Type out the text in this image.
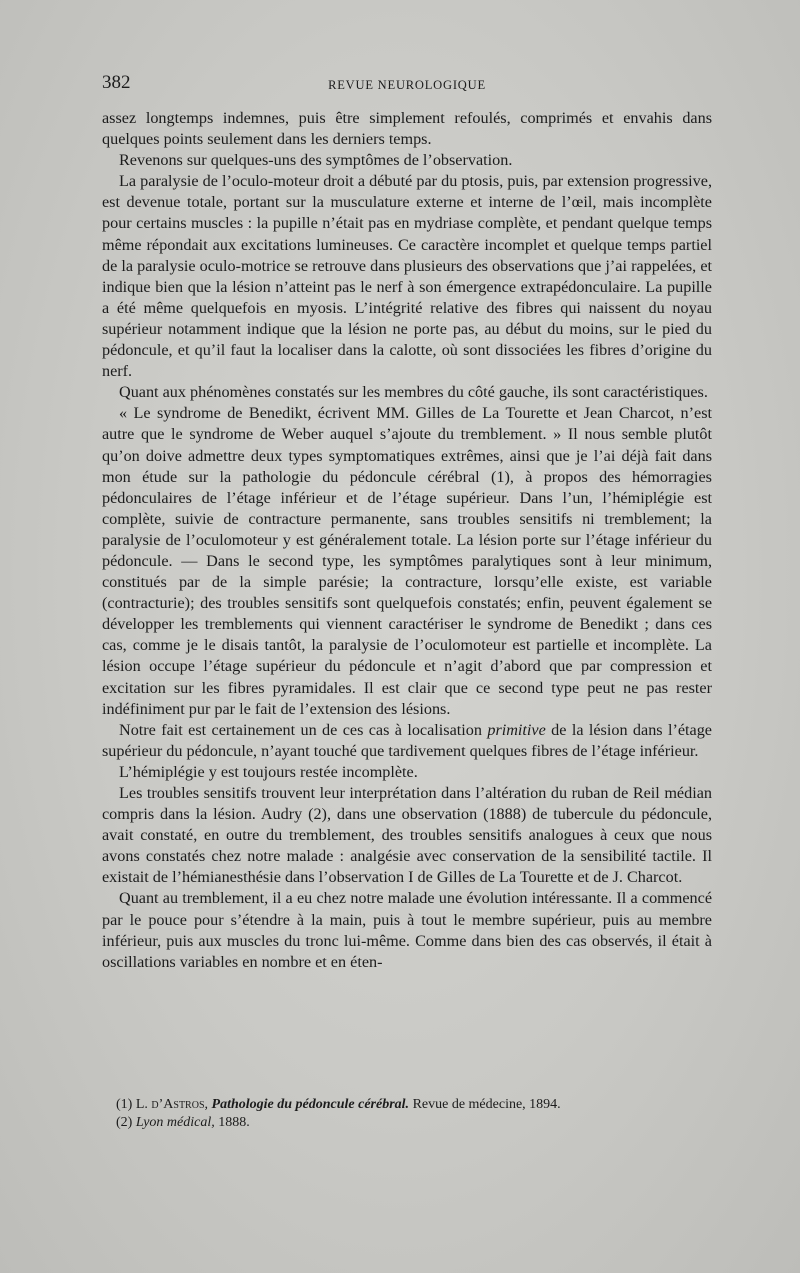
382	REVUE NEUROLOGIQUE

assez longtemps indemnes, puis être simplement refoulés, comprimés et envahis dans quelques points seulement dans les derniers temps.

Revenons sur quelques-uns des symptômes de l’observation.

La paralysie de l’oculo-moteur droit a débuté par du ptosis, puis, par extension progressive, est devenue totale, portant sur la musculature externe et interne de l’œil, mais incomplète pour certains muscles : la pupille n’était pas en mydriase complète, et pendant quelque temps même répondait aux excitations lumineuses. Ce caractère incomplet et quelque temps partiel de la paralysie oculo-motrice se retrouve dans plusieurs des observations que j’ai rappelées, et indique bien que la lésion n’atteint pas le nerf à son émergence extrapédonculaire. La pupille a été même quelquefois en myosis. L’intégrité relative des fibres qui naissent du noyau supérieur notamment indique que la lésion ne porte pas, au début du moins, sur le pied du pédoncule, et qu’il faut la localiser dans la calotte, où sont dissociées les fibres d’origine du nerf.

Quant aux phénomènes constatés sur les membres du côté gauche, ils sont caractéristiques.

« Le syndrome de Benedikt, écrivent MM. Gilles de La Tourette et Jean Charcot, n’est autre que le syndrome de Weber auquel s’ajoute du tremblement. » Il nous semble plutôt qu’on doive admettre deux types symptomatiques extrêmes, ainsi que je l’ai déjà fait dans mon étude sur la pathologie du pédoncule cérébral (1), à propos des hémorragies pédonculaires de l’étage inférieur et de l’étage supérieur. Dans l’un, l’hémiplégie est complète, suivie de contracture permanente, sans troubles sensitifs ni tremblement; la paralysie de l’oculomoteur y est généralement totale. La lésion porte sur l’étage inférieur du pédoncule. — Dans le second type, les symptômes paralytiques sont à leur minimum, constitués par de la simple parésie; la contracture, lorsqu’elle existe, est variable (contracturie); des troubles sensitifs sont quelquefois constatés; enfin, peuvent également se développer les tremblements qui viennent caractériser le syndrome de Benedikt ; dans ces cas, comme je le disais tantôt, la paralysie de l’oculomoteur est partielle et incomplète. La lésion occupe l’étage supérieur du pédoncule et n’agit d’abord que par compression et excitation sur les fibres pyramidales. Il est clair que ce second type peut ne pas rester indéfiniment pur par le fait de l’extension des lésions.

Notre fait est certainement un de ces cas à localisation primitive de la lésion dans l’étage supérieur du pédoncule, n’ayant touché que tardivement quelques fibres de l’étage inférieur.

L’hémiplégie y est toujours restée incomplète.

Les troubles sensitifs trouvent leur interprétation dans l’altération du ruban de Reil médian compris dans la lésion. Audry (2), dans une observation (1888) de tubercule du pédoncule, avait constaté, en outre du tremblement, des troubles sensitifs analogues à ceux que nous avons constatés chez notre malade : analgésie avec conservation de la sensibilité tactile. Il existait de l’hémianesthésie dans l’observation I de Gilles de La Tourette et de J. Charcot.

Quant au tremblement, il a eu chez notre malade une évolution intéressante. Il a commencé par le pouce pour s’étendre à la main, puis à tout le membre supérieur, puis au membre inférieur, puis aux muscles du tronc lui-même. Comme dans bien des cas observés, il était à oscillations variables en nombre et en éten-

(1) L. d’Astros, Pathologie du pédoncule cérébral. Revue de médecine, 1894.

(2) Lyon médical, 1888.
